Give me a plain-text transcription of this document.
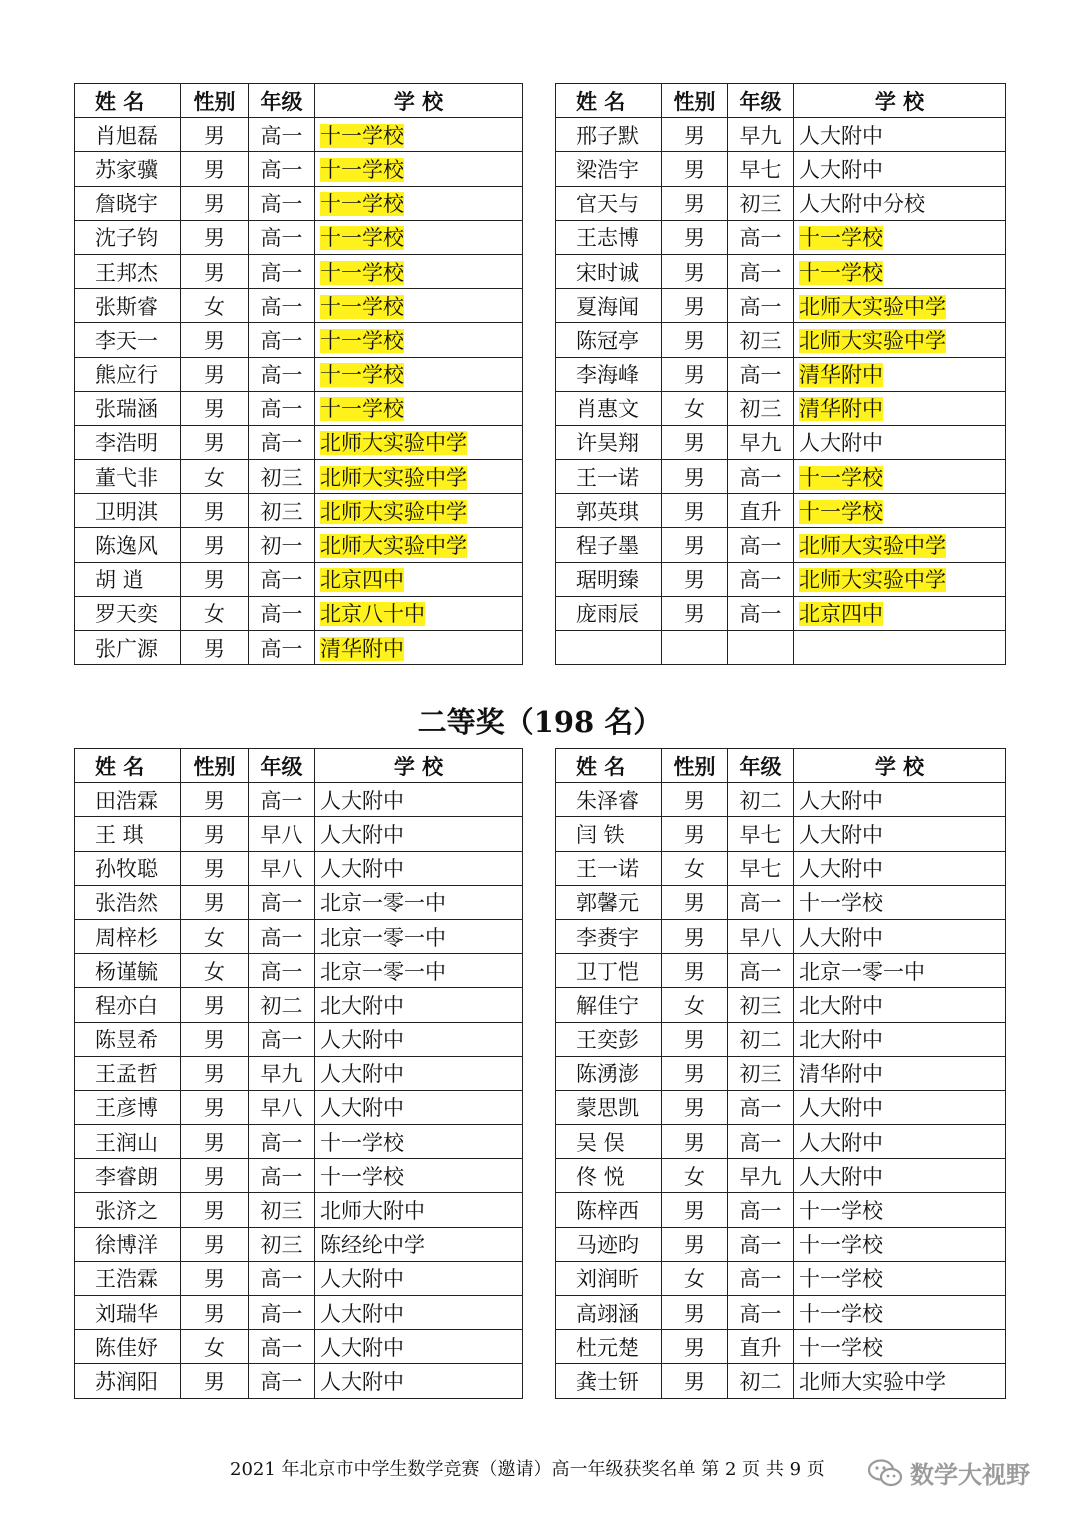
姓 名	性别	年级	学 校
肖旭磊	男	高一	十一学校
苏家骥	男	高一	十一学校
詹晓宇	男	高一	十一学校
沈子钧	男	高一	十一学校
王邦杰	男	高一	十一学校
张斯睿	女	高一	十一学校
李天一	男	高一	十一学校
熊应行	男	高一	十一学校
张瑞涵	男	高一	十一学校
李浩明	男	高一	北师大实验中学
董弋非	女	初三	北师大实验中学
卫明淇	男	初三	北师大实验中学
陈逸风	男	初一	北师大实验中学
胡 逍	男	高一	北京四中
罗天奕	女	高一	北京八十中
张广源	男	高一	清华附中
姓 名	性别	年级	学 校
邢子默	男	早九	人大附中
梁浩宇	男	早七	人大附中
官天与	男	初三	人大附中分校
王志博	男	高一	十一学校
宋时诚	男	高一	十一学校
夏海闻	男	高一	北师大实验中学
陈冠亭	男	初三	北师大实验中学
李海峰	男	高一	清华附中
肖惠文	女	初三	清华附中
许昊翔	男	早九	人大附中
王一诺	男	高一	十一学校
郭英琪	男	直升	十一学校
程子墨	男	高一	北师大实验中学
琚明臻	男	高一	北师大实验中学
庞雨辰	男	高一	北京四中

二等奖（198 名）
姓 名	性别	年级	学 校
田浩霖	男	高一	人大附中
王 琪	男	早八	人大附中
孙牧聪	男	早八	人大附中
张浩然	男	高一	北京一零一中
周梓杉	女	高一	北京一零一中
杨谨毓	女	高一	北京一零一中
程亦白	男	初二	北大附中
陈昱希	男	高一	人大附中
王孟哲	男	早九	人大附中
王彦博	男	早八	人大附中
王润山	男	高一	十一学校
李睿朗	男	高一	十一学校
张济之	男	初三	北师大附中
徐博洋	男	初三	陈经纶中学
王浩霖	男	高一	人大附中
刘瑞华	男	高一	人大附中
陈佳妤	女	高一	人大附中
苏润阳	男	高一	人大附中
姓 名	性别	年级	学 校
朱泽睿	男	初二	人大附中
闫 铁	男	早七	人大附中
王一诺	女	早七	人大附中
郭馨元	男	高一	十一学校
李赉宇	男	早八	人大附中
卫丁恺	男	高一	北京一零一中
解佳宁	女	初三	北大附中
王奕彭	男	初二	北大附中
陈湧澎	男	初三	清华附中
蒙思凯	男	高一	人大附中
吴 俣	男	高一	人大附中
佟 悦	女	早九	人大附中
陈梓西	男	高一	十一学校
马迹昀	男	高一	十一学校
刘润昕	女	高一	十一学校
高翊涵	男	高一	十一学校
杜元楚	男	直升	十一学校
龚士钘	男	初二	北师大实验中学
2021 年北京市中学生数学竞赛（邀请）高一年级获奖名单 第 2 页 共 9 页	数学大视野
